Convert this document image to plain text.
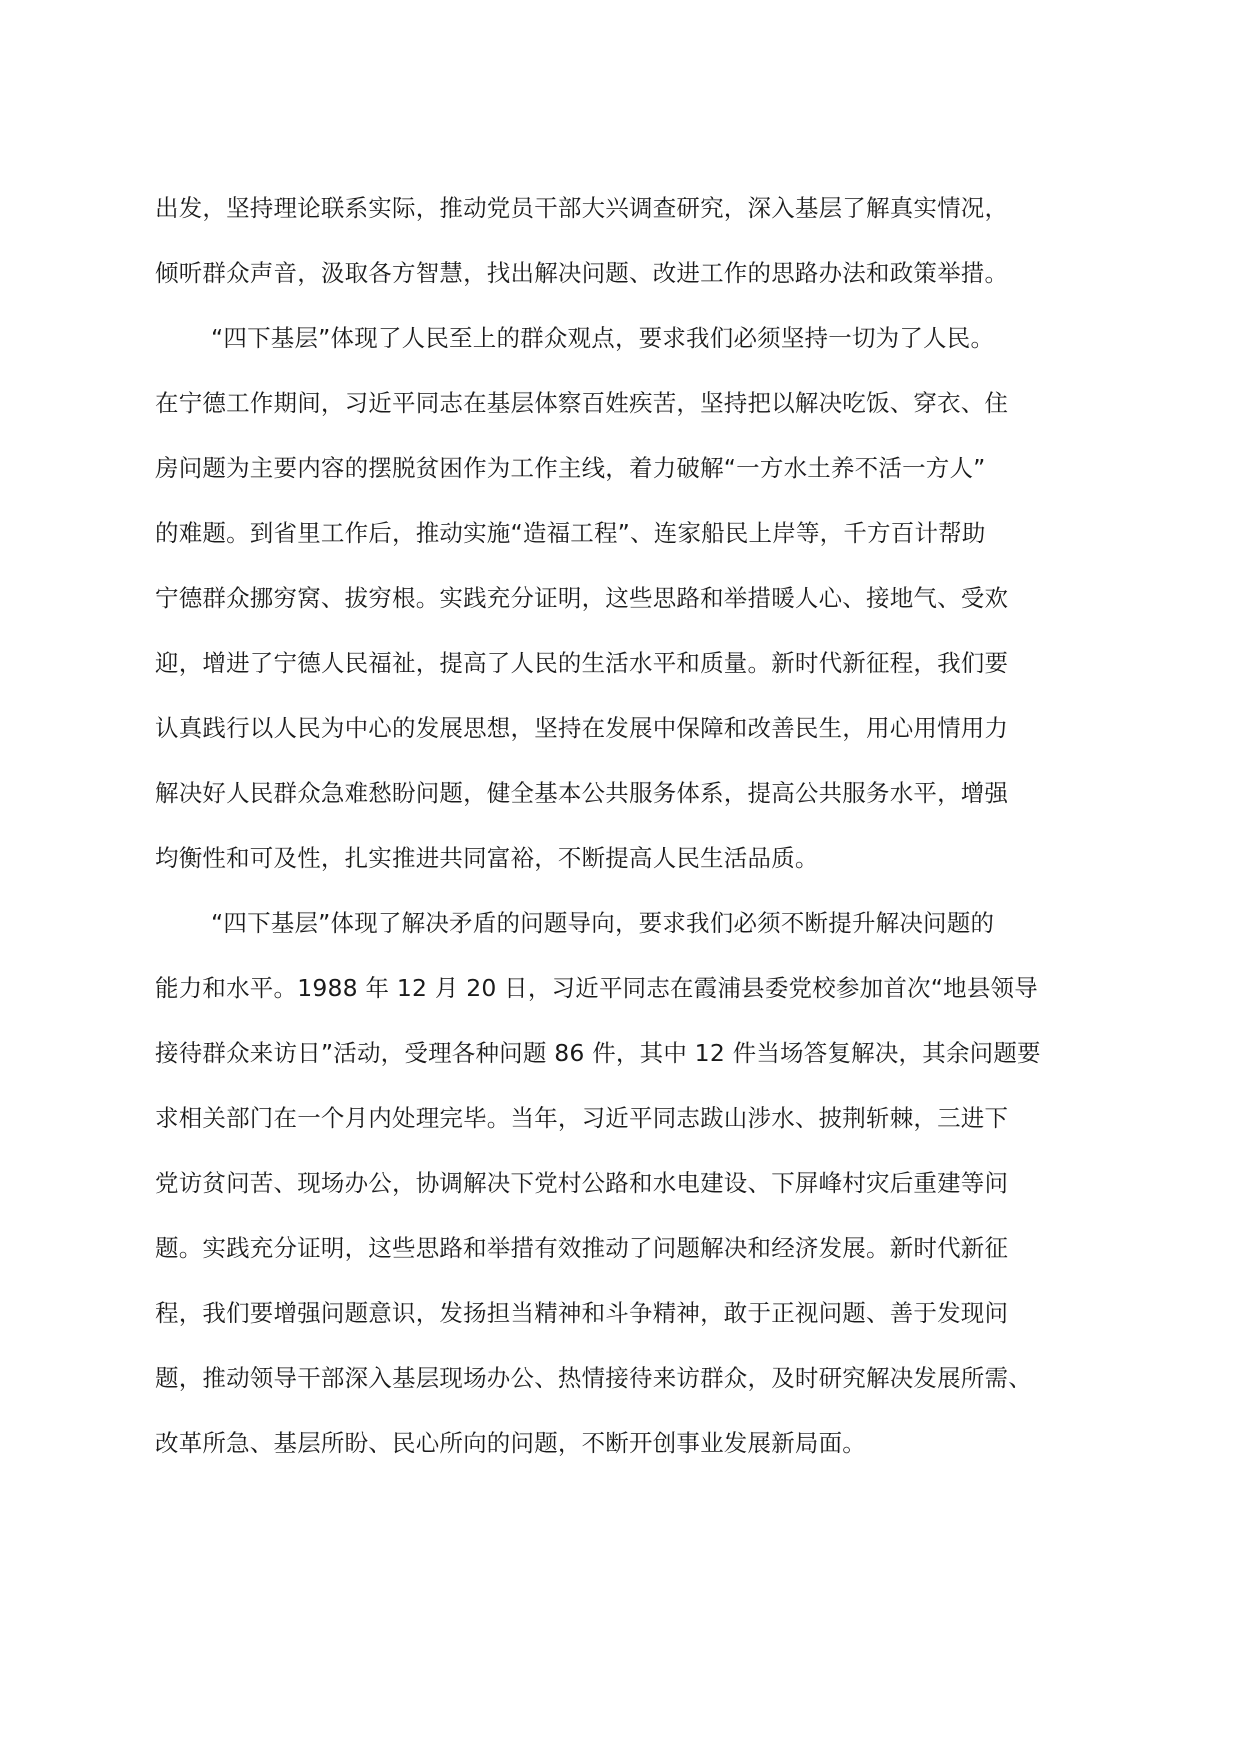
出发，坚持理论联系实际，推动党员干部大兴调查研究，深入基层了解真实情况，
倾听群众声音，汲取各方智慧，找出解决问题、改进工作的思路办法和政策举措。
“四下基层”体现了人民至上的群众观点，要求我们必须坚持一切为了人民。
在宁德工作期间，习近平同志在基层体察百姓疾苦，坚持把以解决吃饭、穿衣、住
房问题为主要内容的摆脱贫困作为工作主线，着力破解“一方水土养不活一方人”
的难题。到省里工作后，推动实施“造福工程”、连家船民上岸等，千方百计帮助
宁德群众挪穷窝、拔穷根。实践充分证明，这些思路和举措暖人心、接地气、受欢
迎，增进了宁德人民福祉，提高了人民的生活水平和质量。新时代新征程，我们要
认真践行以人民为中心的发展思想，坚持在发展中保障和改善民生，用心用情用力
解决好人民群众急难愁盼问题，健全基本公共服务体系，提高公共服务水平，增强
均衡性和可及性，扎实推进共同富裕，不断提高人民生活品质。
“四下基层”体现了解决矛盾的问题导向，要求我们必须不断提升解决问题的
能力和水平。1988 年 12 月 20 日，习近平同志在霞浦县委党校参加首次“地县领导
接待群众来访日”活动，受理各种问题 86 件，其中 12 件当场答复解决，其余问题要
求相关部门在一个月内处理完毕。当年，习近平同志跋山涉水、披荆斩棘，三进下
党访贫问苦、现场办公，协调解决下党村公路和水电建设、下屏峰村灾后重建等问
题。实践充分证明，这些思路和举措有效推动了问题解决和经济发展。新时代新征
程，我们要增强问题意识，发扬担当精神和斗争精神，敢于正视问题、善于发现问
题，推动领导干部深入基层现场办公、热情接待来访群众，及时研究解决发展所需、
改革所急、基层所盼、民心所向的问题，不断开创事业发展新局面。
